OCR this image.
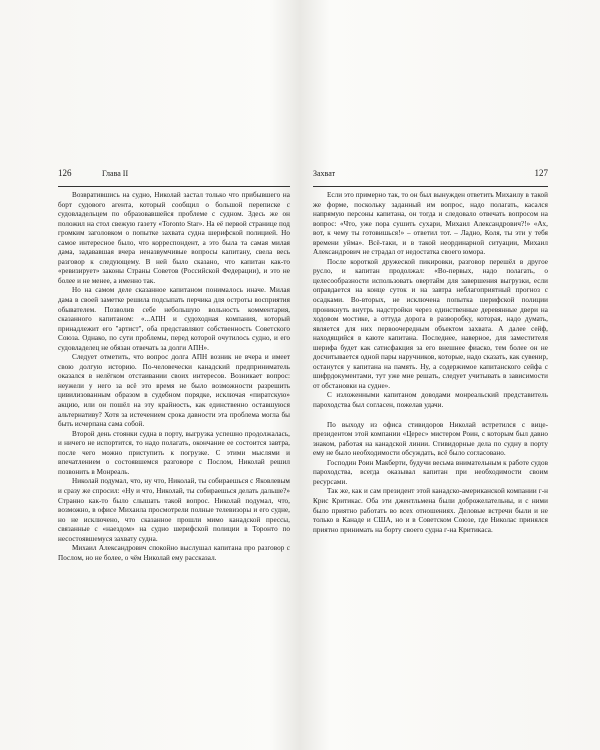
126	Глава II

Возвратившись на судно, Николай застал только что прибывшего на борт судового агента, который сообщил о большой переписке с судовладельцем по образовавшейся проблеме с судном. Здесь же он положил на стол свежую газету «Toronto Star». На её первой странице под громким заголовком о попытке захвата судна шерифской полицией. Но самое интересное было, что корреспондент, а это была та самая милая дама, задававшая вчера неназвумчивые вопросы капитану, свела весь разговор к следующему. В ней было сказано, что капитан как-то «ревизирует» законы Страны Советов (Российской Федерации), и это не более и не менее, а именно так.

Но на самом деле сказанное капитаном понималось иначе. Милая дама в своей заметке решила подсыпать перчика для остроты восприятия обывателем. Позволив себе небольшую вольность комментария, сказанного капитаном: «...АПН и судоходная компания, который принадлежит его "артист", оба представляют собственность Советского Союза. Однако, по сути проблемы, перед которой очутилось судно, и его судовладелец не обязан отвечать за долги АПН».

Следует отметить, что вопрос долга АПН возник не вчера и имеет свою долгую историю. По-человечески канадский предприниматель оказался в нелёгком отстаивании своих интересов. Возникает вопрос: неужели у него за всё это время не было возможности разрешить цивилизованным образом в судебном порядке, исключая «пиратскую» акцию, или он пошёл на эту крайность, как единственно оставшуюся альтернативу? Хотя за истечением срока давности эта проблема могла бы быть исчерпана сама собой.

Второй день стоянки судна в порту, выгрузка успешно продолжалась, и ничего не испортится, то надо полагать, окончание ее состоится завтра, после чего можно приступить к погрузке. С этими мыслями и впечатлением о состоявшемся разговоре с Послом, Николай решил позвонить в Монреаль.

Николай подумал, что, ну что, Николай, ты собираешься с Яковлевым и сразу же спросил: «Ну и что, Николай, ты собираешься делать дальше?» Странно как-то было слышать такой вопрос. Николай подумал, что, возможно, в офисе Михаила просмотрели полные телевизоры и его судне, но не исключено, что сказанное прошли мимо канадской прессы, связанные с «наездом» на судно шерифской полиции в Торонто по несостоявшемуся захвату судна.

Михаил Александрович спокойно выслушал капитана про разговор с Послом, но не более, о чём Николай ему рассказал.

Захват	127

Если это примерно так, то он был вынужден ответить Михаилу в такой же форме, поскольку заданный им вопрос, надо полагать, касался напрямую персоны капитана, он тогда и следовало отвечать вопросом на вопрос: «Что, уже пора сушить сухари, Михаил Александрович?!» «Ах, вот, к чему ты готовишься!» – ответил тот. – Ладно, Коля, ты эти у тебя времени уйма». Всё-таки, и в такой неординарной ситуации, Михаил Александрович не страдал от недостатка своего юмора.

После короткой дружеской пикировки, разговор перешёл в другое русло, и капитан продолжал: «Во-первых, надо полагать, о целесообразности использовать овертайм для завершения выгрузки, если оправдается на конце суток и на завтра неблагоприятный прогноз с осадками. Во-вторых, не исключена попытка шерифской полиции проникнуть внутрь надстройки через единственные деревянные двери на ходовом мостике, а оттуда дорога в разворобку, которая, надо думать, является для них первоочередным объектом захвата. А далее сейф, находящийся в каюте капитана. Последнее, наверное, для заместителя шерифа будет как сатисфакция за его внешнее фиаско, тем более он не досчитывается одной пары наручников, которые, надо сказать, как сувенир, останутся у капитана на память. Ну, а содержимое капитанского сейфа с шифрдокументами, тут уже мне решать, следует учитывать в зависимости от обстановки на судне».

С изложенными капитаном доводами монреальский представитель пароходства был согласен, пожелав удачи.

По выходу из офиса стивидоров Николай встретился с вице-президентом этой компании «Церес» мистером Роин, с которым был давно знаком, работая на канадской линии. Стивидорные дела по судну в порту ему не было необходимости обсуждать, всё было согласовано.

Господин Роин Макберти, будучи весьма внимательным к работе судов пароходства, всегда оказывал капитан при необходимости своим ресурсами.

Так же, как и сам президент этой канадско-американской компании г-н Крис Критикас. Оба эти джентльмена были доброжелательны, и с ними было приятно работать во всех отношениях. Деловые встречи были и не только в Канаде и США, но и в Советском Союзе, где Николас принялся приятно принимать на борту своего судна г-на Критикаса.
